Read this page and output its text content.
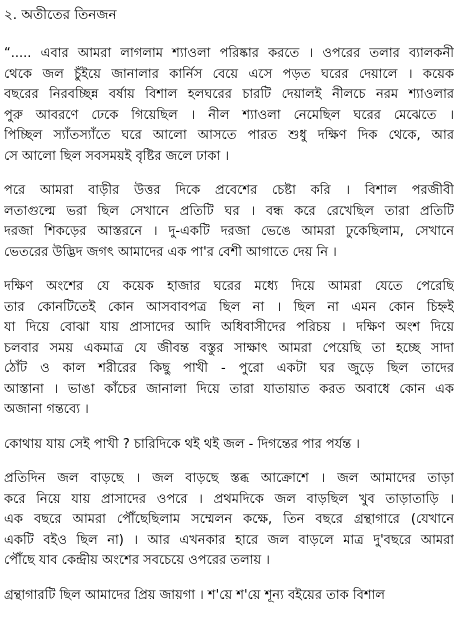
২. অতীতের তিনজন
“..... এবার আমরা লাগলাম শ্যাওলা পরিষ্কার করতে । ওপরের তলার ব্যালকনী
থেকে জল চুঁইয়ে জানালার কার্নিস বেয়ে এসে পড়ত ঘরের দেয়ালে । কয়েক
বছরের নিরবচ্ছিন্ন বর্ষায় বিশাল হলঘরের চারটি দেয়ালই নীলচে নরম শ্যাওলার
পুরু আবরণে ঢেকে গিয়েছিল । নীল শ্যাওলা নেমেছিল ঘরের মেঝেতে ।
পিচ্ছিল স্যাঁতস্যাঁতে ঘরে আলো আসতে পারত শুধু দক্ষিণ দিক থেকে, আর
সে আলো ছিল সবসময়ই বৃষ্টির জলে ঢাকা ।
পরে আমরা বাড়ীর উত্তর দিকে প্রবেশের চেষ্টা করি । বিশাল পরজীবী
লতাগুল্মে ভরা ছিল সেখানে প্রতিটি ঘর । বন্ধ করে রেখেছিল তারা প্রতিটি
দরজা শিকড়ের আস্তরনে । দু-একটি দরজা ভেঙে আমরা ঢুকেছিলাম, সেখানে
ভেতরের উদ্ভিদ জগৎ আমাদের এক পা'র বেশী আগাতে দেয় নি ।
দক্ষিণ অংশের যে কয়েক হাজার ঘরের মধ্যে দিয়ে আমরা যেতে পেরেছি
তার কোনটিতেই কোন আসবাবপত্র ছিল না । ছিল না এমন কোন চিহ্নই
যা দিয়ে বোঝা যায় প্রাসাদের আদি অধিবাসীদের পরিচয় । দক্ষিণ অংশ দিয়ে
চলবার সময় একমাত্র যে জীবন্ত বস্তুর সাক্ষাৎ আমরা পেয়েছি তা হচ্ছে সাদা
ঠোঁট ও কাল শরীরের কিছু পাখী - পুরো একটা ঘর জুড়ে ছিল তাদের
আস্তানা । ভাঙা কাঁচের জানালা দিয়ে তারা যাতায়াত করত অবাধে কোন এক
অজানা গন্তব্যে ।
কোথায় যায় সেই পাখী ? চারিদিকে থই থই জল - দিগন্তের পার পর্যন্ত ।
প্রতিদিন জল বাড়ছে । জল বাড়ছে স্তব্ধ আক্রোশে । জল আমাদের তাড়া
করে নিয়ে যায় প্রাসাদের ওপরে । প্রথমদিকে জল বাড়ছিল খুব তাড়াতাড়ি ।
এক বছরে আমরা পৌঁছেছিলাম সম্মেলন কক্ষে, তিন বছরে গ্রন্থাগারে (যেখানে
একটি বইও ছিল না) । আর এখনকার হারে জল বাড়লে মাত্র দু'বছরে আমরা
পৌঁছে যাব কেন্দ্রীয় অংশের সবচেয়ে ওপরের তলায় ।
গ্রন্থাগারটি ছিল আমাদের প্রিয় জায়গা । শ'য়ে শ'য়ে শূন্য বইয়ের তাক বিশাল
